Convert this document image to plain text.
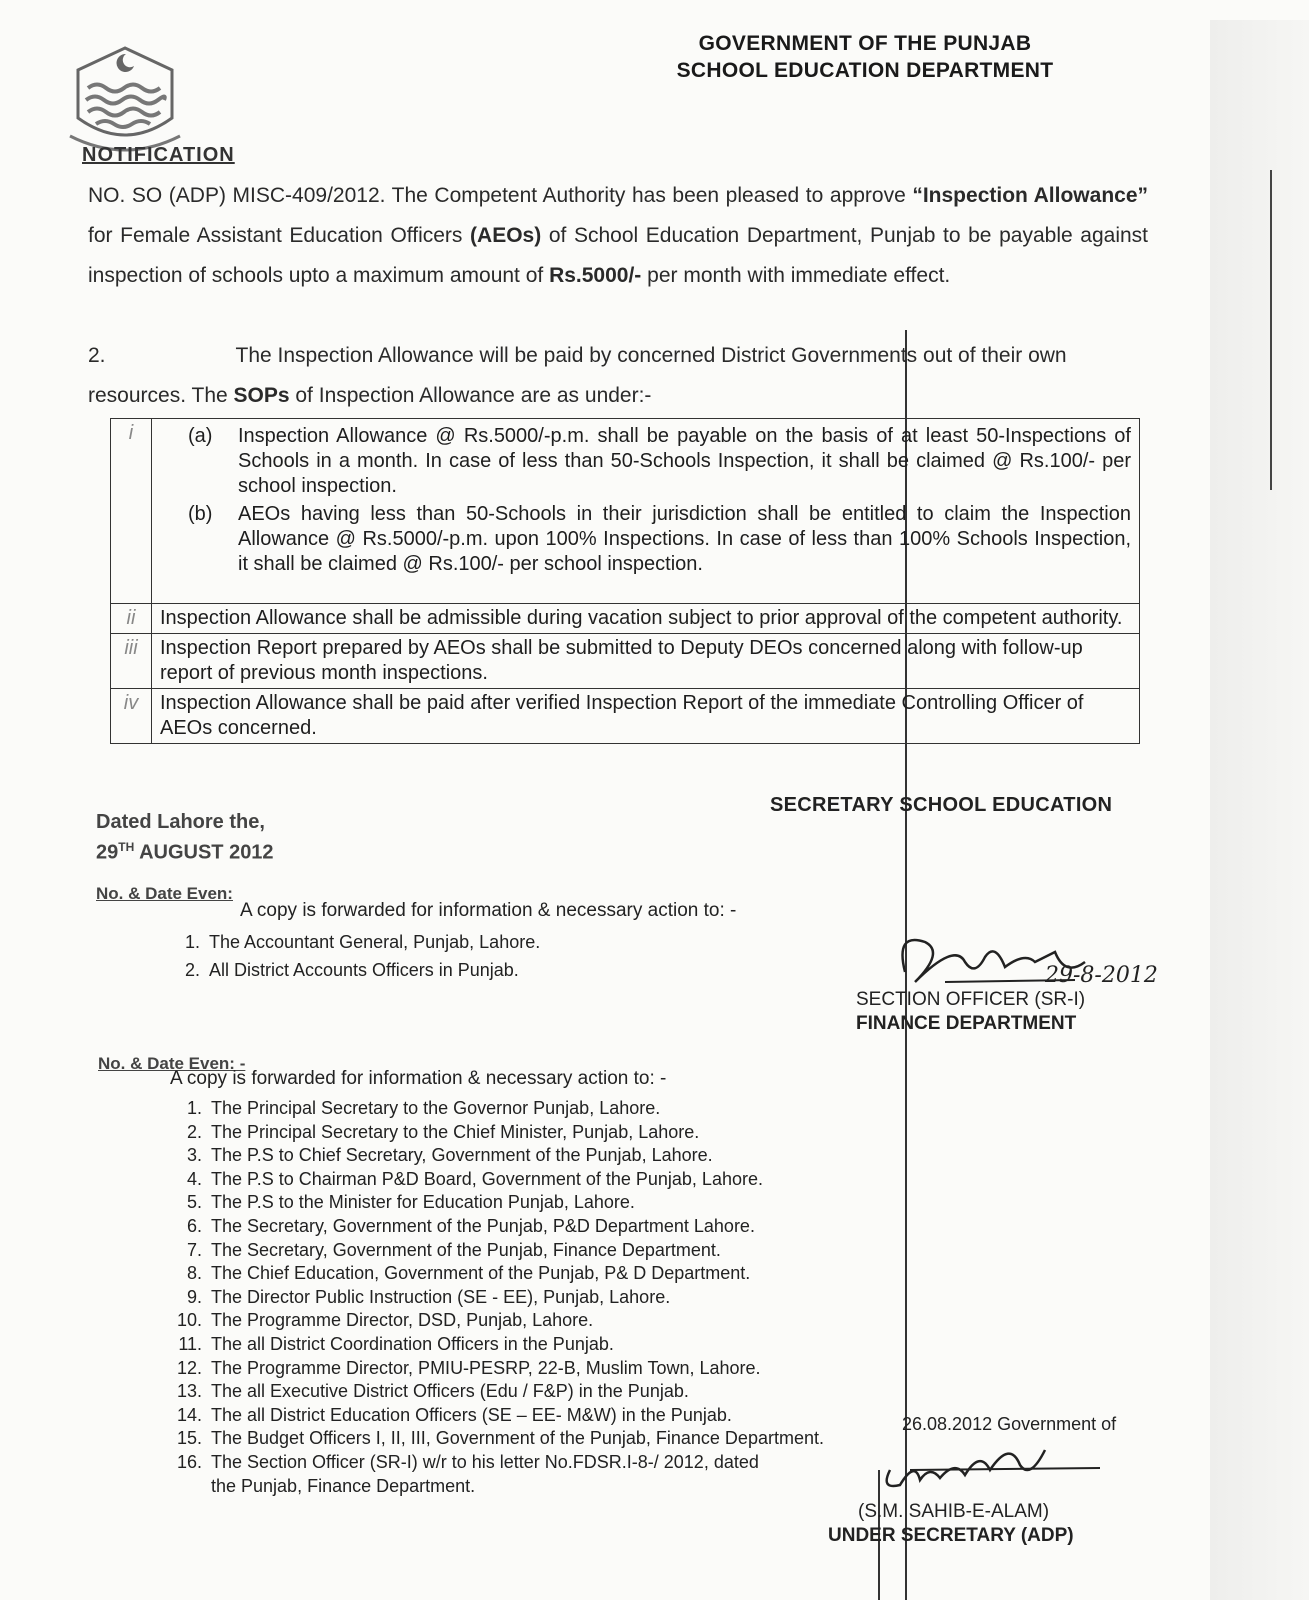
GOVERNMENT OF THE PUNJAB
SCHOOL EDUCATION DEPARTMENT
NOTIFICATION
NO. SO (ADP) MISC-409/2012. The Competent Authority has been pleased to approve “Inspection Allowance” for Female Assistant Education Officers (AEOs) of School Education Department, Punjab to be payable against inspection of schools upto a maximum amount of Rs.5000/- per month with immediate effect.
2.	The Inspection Allowance will be paid by concerned District Governments out of their own resources. The SOPs of Inspection Allowance are as under:-
i	(a) Inspection Allowance @ Rs.5000/-p.m. shall be payable on the basis of at least 50-Inspections of Schools in a month. In case of less than 50-Schools Inspection, it shall be claimed @ Rs.100/- per school inspection.
(b) AEOs having less than 50-Schools in their jurisdiction shall be entitled to claim the Inspection Allowance @ Rs.5000/-p.m. upon 100% Inspections. In case of less than 100% Schools Inspection, it shall be claimed @ Rs.100/- per school inspection.

ii	Inspection Allowance shall be admissible during vacation subject to prior approval of the competent authority.
iii	Inspection Report prepared by AEOs shall be submitted to Deputy DEOs concerned along with follow-up report of previous month inspections.
iv	Inspection Allowance shall be paid after verified Inspection Report of the immediate Controlling Officer of AEOs concerned.
SECRETARY SCHOOL EDUCATION
Dated Lahore the,
29TH AUGUST 2012
No. & Date Even:
A copy is forwarded for information & necessary action to: -
1. The Accountant General, Punjab, Lahore.
2. All District Accounts Officers in Punjab.	29-8-2012
SECTION OFFICER (SR-I)
FINANCE DEPARTMENT
No. & Date Even: -
A copy is forwarded for information & necessary action to: -
1. The Principal Secretary to the Governor Punjab, Lahore.
2. The Principal Secretary to the Chief Minister, Punjab, Lahore.
3. The P.S to Chief Secretary, Government of the Punjab, Lahore.
4. The P.S to Chairman P&D Board, Government of the Punjab, Lahore.
5. The P.S to the Minister for Education Punjab, Lahore.
6. The Secretary, Government of the Punjab, P&D Department Lahore.
7. The Secretary, Government of the Punjab, Finance Department.
8. The Chief Education, Government of the Punjab, P& D Department.
9. The Director Public Instruction (SE - EE), Punjab, Lahore.
10. The Programme Director, DSD, Punjab, Lahore.
11. The all District Coordination Officers in the Punjab.
12. The Programme Director, PMIU-PESRP, 22-B, Muslim Town, Lahore.
13. The all Executive District Officers (Edu / F&P) in the Punjab.
14. The all District Education Officers (SE – EE- M&W) in the Punjab.
15. The Budget Officers I, II, III, Government of the Punjab, Finance Department.
16. The Section Officer (SR-I) w/r to his letter No.FDSR.I-8-/ 2012, dated
the Punjab, Finance Department.
26.08.2012 Government of
(S.M. SAHIB-E-ALAM)
UNDER SECRETARY (ADP)
